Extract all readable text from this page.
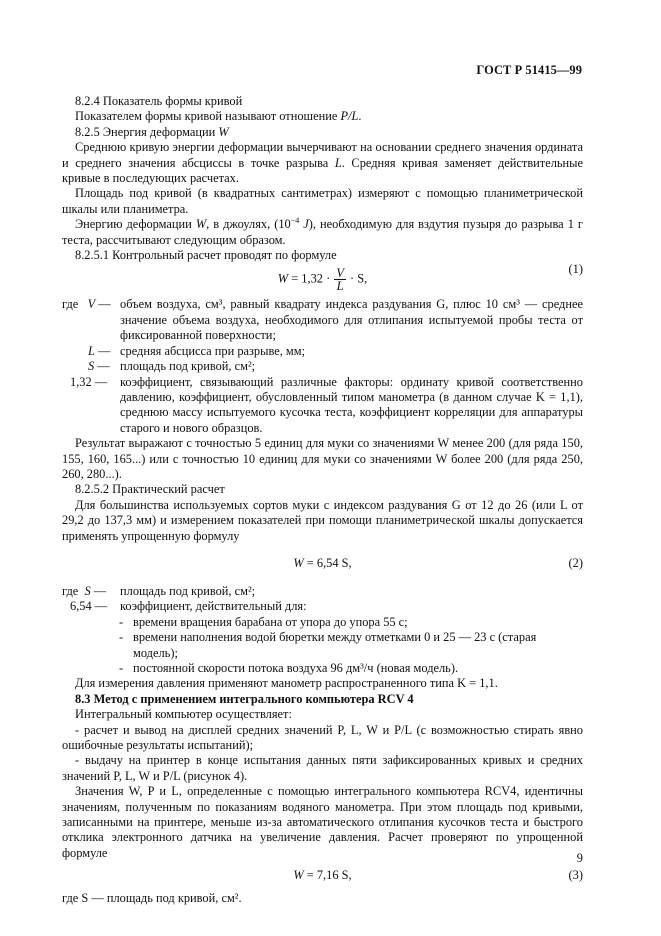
ГОСТ Р 51415—99

8.2.4 Показатель формы кривой

Показателем формы кривой называют отношение P/L.

8.2.5 Энергия деформации W

Среднюю кривую энергии деформации вычерчивают на основании среднего значения ордината и среднего значения абсциссы в точке разрыва L. Средняя кривая заменяет действительные кривые в последующих расчетах.

Площадь под кривой (в квадратных сантиметрах) измеряют с помощью планиметрической шкалы или планиметра.

Энергию деформации W, в джоулях, ($10^{-4}$ J), необходимую для вздутия пузыря до разрыва 1 г теста, рассчитывают следующим образом.

8.2.5.1 Контрольный расчет проводят по формуле

$W = 1,32 \cdot \frac{V}{L} \cdot S$,
(1)
где V — объем воздуха, см³, равный квадрату индекса раздувания G, плюс 10 см³ — среднее значение объема воздуха, необходимого для отлипания испытуемой пробы теста от фиксированной поверхности;
L — средняя абсцисса при разрыве, мм;
S — площадь под кривой, см²;
1,32 —	коэффициент, связывающий различные факторы: ординату кривой соответственно давлению, коэффициент, обусловленный типом манометра (в данном случае K = 1,1), среднюю массу испытуемого кусочка теста, коэффициент корреляции для аппаратуры старого и нового образцов.

Результат выражают с точностью 5 единиц для муки со значениями W менее 200 (для ряда 150, 155, 160, 165...) или с точностью 10 единиц для муки со значениями W более 200 (для ряда 250, 260, 280...).

8.2.5.2 Практический расчет

Для большинства используемых сортов муки с индексом раздувания G от 12 до 26 (или L от 29,2 до 137,3 мм) и измерением показателей при помощи планиметрической шкалы допускается применять упрощенную формулу

W = 6,54 S,	(2)
где S —	площадь под кривой, см²;
6,54 —	коэффициент, действительный для:
- времени вращения барабана от упора до упора 55 с;
- времени наполнения водой бюретки между отметками 0 и 25 — 23 с (старая модель);
- постоянной скорости потока воздуха 96 дм³/ч (новая модель).

Для измерения давления применяют манометр распространенного типа K = 1,1.

8.3 Метод с применением интегрального компьютера RCV 4

Интегральный компьютер осуществляет:

- расчет и вывод на дисплей средних значений P, L, W и P/L (с возможностью стирать явно ошибочные результаты испытаний);

- выдачу на принтер в конце испытания данных пяти зафиксированных кривых и средних значений P, L, W и P/L (рисунок 4).

Значения W, P и L, определенные с помощью интегрального компьютера RCV4, идентичны значениям, полученным по показаниям водяного манометра. При этом площадь под кривыми, записанными на принтере, меньше из-за автоматического отлипания кусочков теста и быстрого отклика электронного датчика на увеличение давления. Расчет проверяют по упрощенной формуле

W = 7,16 S,	(3)

где S — площадь под кривой, см².

9
